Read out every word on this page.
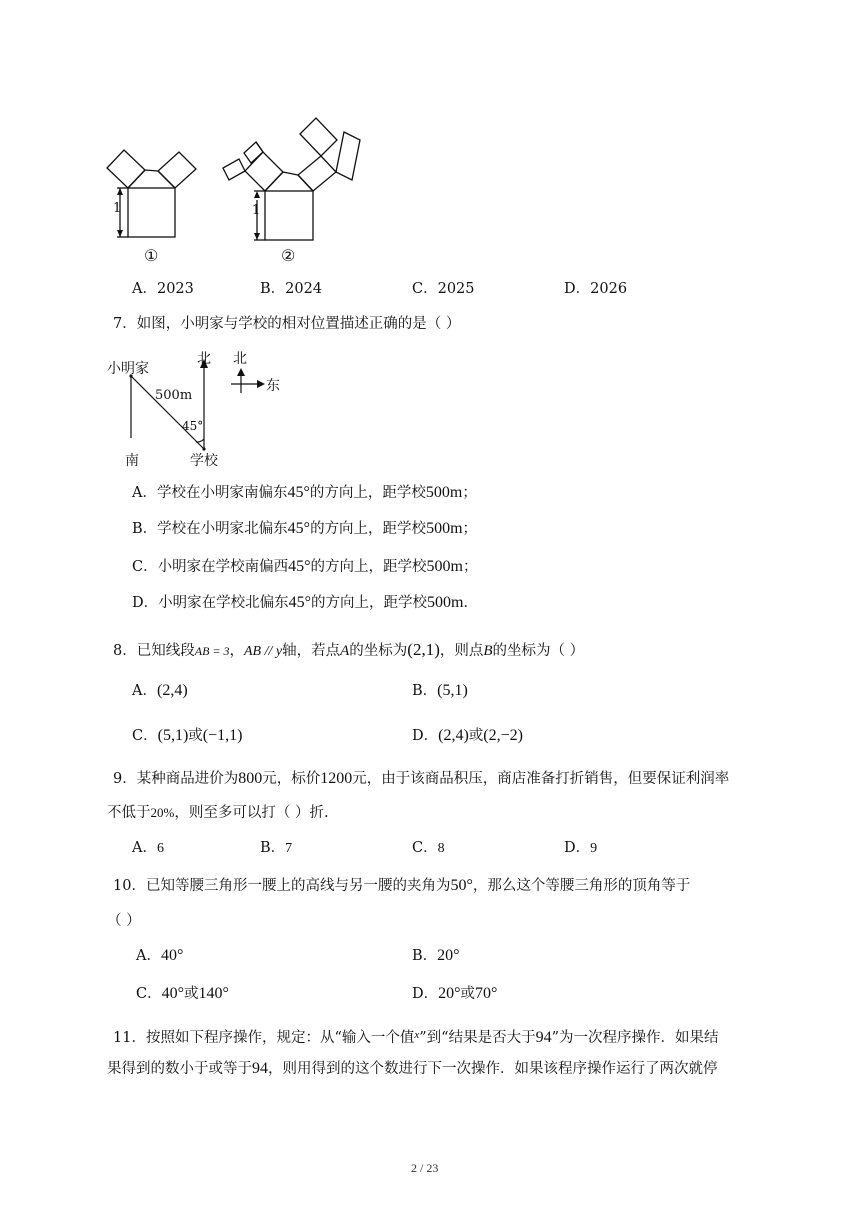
1
①
1
②
A．2023	B．2024	C．2025	D．2026
7．如图，小明家与学校的相对位置描述正确的是（ ）
小明家
北 北
东
500m
45°
南	学校
A．学校在小明家南偏东45°的方向上，距学校500m；
B．学校在小明家北偏东45°的方向上，距学校500m；
C．小明家在学校南偏西45°的方向上，距学校500m；
D．小明家在学校北偏东45°的方向上，距学校500m．
8．已知线段AB = 3，AB // y轴，若点A的坐标为(2,1)，则点B的坐标为（ ）
A．(2,4)	B．(5,1)
C．(5,1)或(−1,1)	D．(2,4)或(2,−2)
9．某种商品进价为800元，标价1200元，由于该商品积压，商店准备打折销售，但要保证利润率
不低于20%，则至多可以打（ ）折.
A．6	B．7	C．8	D．9
10．已知等腰三角形一腰上的高线与另一腰的夹角为50°，那么这个等腰三角形的顶角等于
（ ）
A．40°	B．20°
C．40°或140°	D．20°或70°
11．按照如下程序操作，规定：从“输入一个值$^x$”到“结果是否大于94”为一次程序操作．如果结
果得到的数小于或等于94，则用得到的这个数进行下一次操作．如果该程序操作运行了两次就停
2 / 23
